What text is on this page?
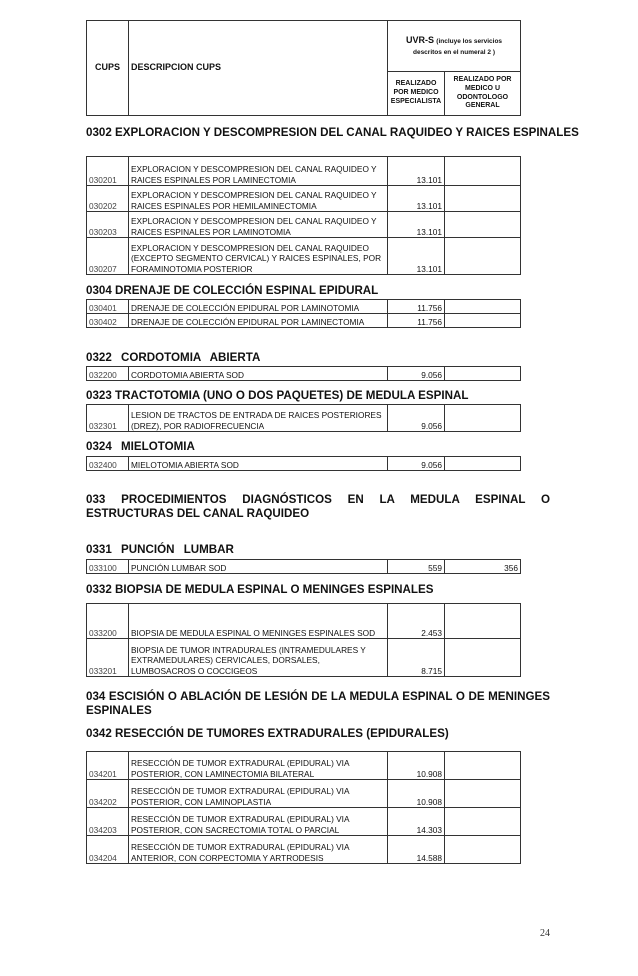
CUPS	DESCRIPCION CUPS	UVR-S (incluye los servicios
descritos en el numeral 2 )	
		REALIZADO POR MEDICO ESPECIALISTA	REALIZADO POR MEDICO U ODONTOLOGO GENERAL
0302 EXPLORACION Y DESCOMPRESION DEL CANAL RAQUIDEO Y RAICES ESPINALES
030201	EXPLORACION Y DESCOMPRESION DEL CANAL RAQUIDEO Y RAICES ESPINALES POR LAMINECTOMIA	13.101	
030202	EXPLORACION Y DESCOMPRESION DEL CANAL RAQUIDEO Y RAICES ESPINALES POR HEMILAMINECTOMIA	13.101	
030203	EXPLORACION Y DESCOMPRESION DEL CANAL RAQUIDEO Y RAICES ESPINALES POR LAMINOTOMIA	13.101	
030207	EXPLORACION Y DESCOMPRESION DEL CANAL RAQUIDEO (EXCEPTO SEGMENTO CERVICAL) Y RAICES ESPINALES, POR FORAMINOTOMIA POSTERIOR	13.101	
0304 DRENAJE DE COLECCIÓN ESPINAL EPIDURAL
030401	DRENAJE DE COLECCIÓN EPIDURAL POR LAMINOTOMIA	11.756	
030402	DRENAJE DE COLECCIÓN EPIDURAL POR LAMINECTOMIA	11.756	
0322 CORDOTOMIA ABIERTA
032200	CORDOTOMIA ABIERTA SOD	9.056	
0323 TRACTOTOMIA (UNO O DOS PAQUETES) DE MEDULA ESPINAL
032301	LESION DE TRACTOS DE ENTRADA DE RAICES POSTERIORES (DREZ), POR RADIOFRECUENCIA	9.056	
0324 MIELOTOMIA
032400	MIELOTOMIA ABIERTA SOD	9.056	
033 PROCEDIMIENTOS DIAGNÓSTICOS EN LA MEDULA ESPINAL O ESTRUCTURAS DEL CANAL RAQUIDEO
0331 PUNCIÓN LUMBAR
033100	PUNCIÓN LUMBAR SOD	559	356
0332 BIOPSIA DE MEDULA ESPINAL O MENINGES ESPINALES
033200	BIOPSIA DE MEDULA ESPINAL O MENINGES ESPINALES SOD	2.453	
033201	BIOPSIA DE TUMOR INTRADURALES (INTRAMEDULARES Y EXTRAMEDULARES) CERVICALES, DORSALES, LUMBOSACROS O COCCIGEOS	8.715	
034 ESCISIÓN O ABLACIÓN DE LESIÓN DE LA MEDULA ESPINAL O DE MENINGES ESPINALES
0342 RESECCIÓN DE TUMORES EXTRADURALES (EPIDURALES)
034201	RESECCIÓN DE TUMOR EXTRADURAL (EPIDURAL) VIA POSTERIOR, CON LAMINECTOMIA BILATERAL	10.908	
034202	RESECCIÓN DE TUMOR EXTRADURAL (EPIDURAL) VIA POSTERIOR, CON LAMINOPLASTIA	10.908	
034203	RESECCIÓN DE TUMOR EXTRADURAL (EPIDURAL) VIA POSTERIOR, CON SACRECTOMIA TOTAL O PARCIAL	14.303	
034204	RESECCIÓN DE TUMOR EXTRADURAL (EPIDURAL) VIA ANTERIOR, CON CORPECTOMIA Y ARTRODESIS	14.588	
24
